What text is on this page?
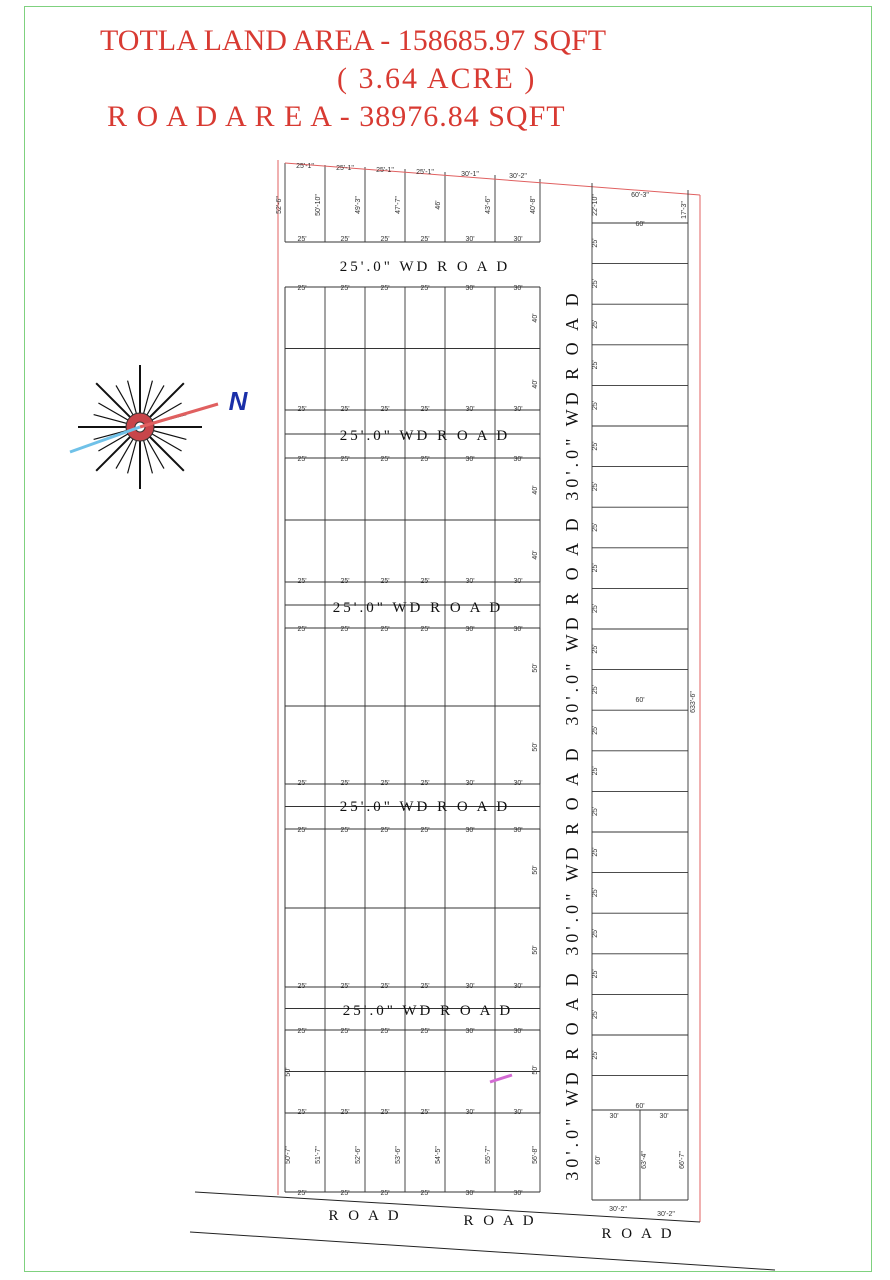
TOTLA LAND AREA - 158685.97 SQFT
( 3.64 ACRE )
R O A D A R E A - 38976.84 SQFT
25'-1"	25'-1"	25'-1"	25'-1"	30'-1"	30'-2"
52'-6"	50'-10"	49'-3"	47'-7"	46'	43'-6"	40'-8"
25'	25'	25'	25'	30'	30'
25'	25'	25'	25'	30'	30'
25'	25'	25'	25'	30'	30'
25'	25'	25'	25'	30'	30'
25'	25'	25'	25'	30'	30'
25'	25'	25'	25'	30'	30'
25'	25'	25'	25'	30'	30'
25'	25'	25'	25'	30'	30'
25'	25'	25'	25'	30'	30'
25'	25'	25'	25'	30'	30'
25'	25'	25'	25'	30'	30'
25'	25'	25'	25'	30'	30'
40'
40'
40'
40'
50'
50'
50'
50'
50'
50'-7"	51'-7"	52'-6"	53'-6"	54'-5"	55'-7"	56'-8"
50'
60'-3"
60'
60'
60'
22'-10"	17'-3"
25'
25'
25'
25'
25'
25'
25'
25'
25'
25'
25'
25'
25'
25'
25'
25'
25'
25'
25'
25'
25'
633'-6"
30'	30'
60'	63'-4"	66'-7"
30'-2"
30'-2"
25'.0" WD R O A D
25'.0" WD R O A D
25'.0" WD R O A D
25'.0" WD R O A D
25'.0" WD R O A D
30'.0" WD R O A D
30'.0" WD R O A D
30'.0" WD R O A D
30'.0" WD R O A D
R O A D	R O A D
R O A D
N
